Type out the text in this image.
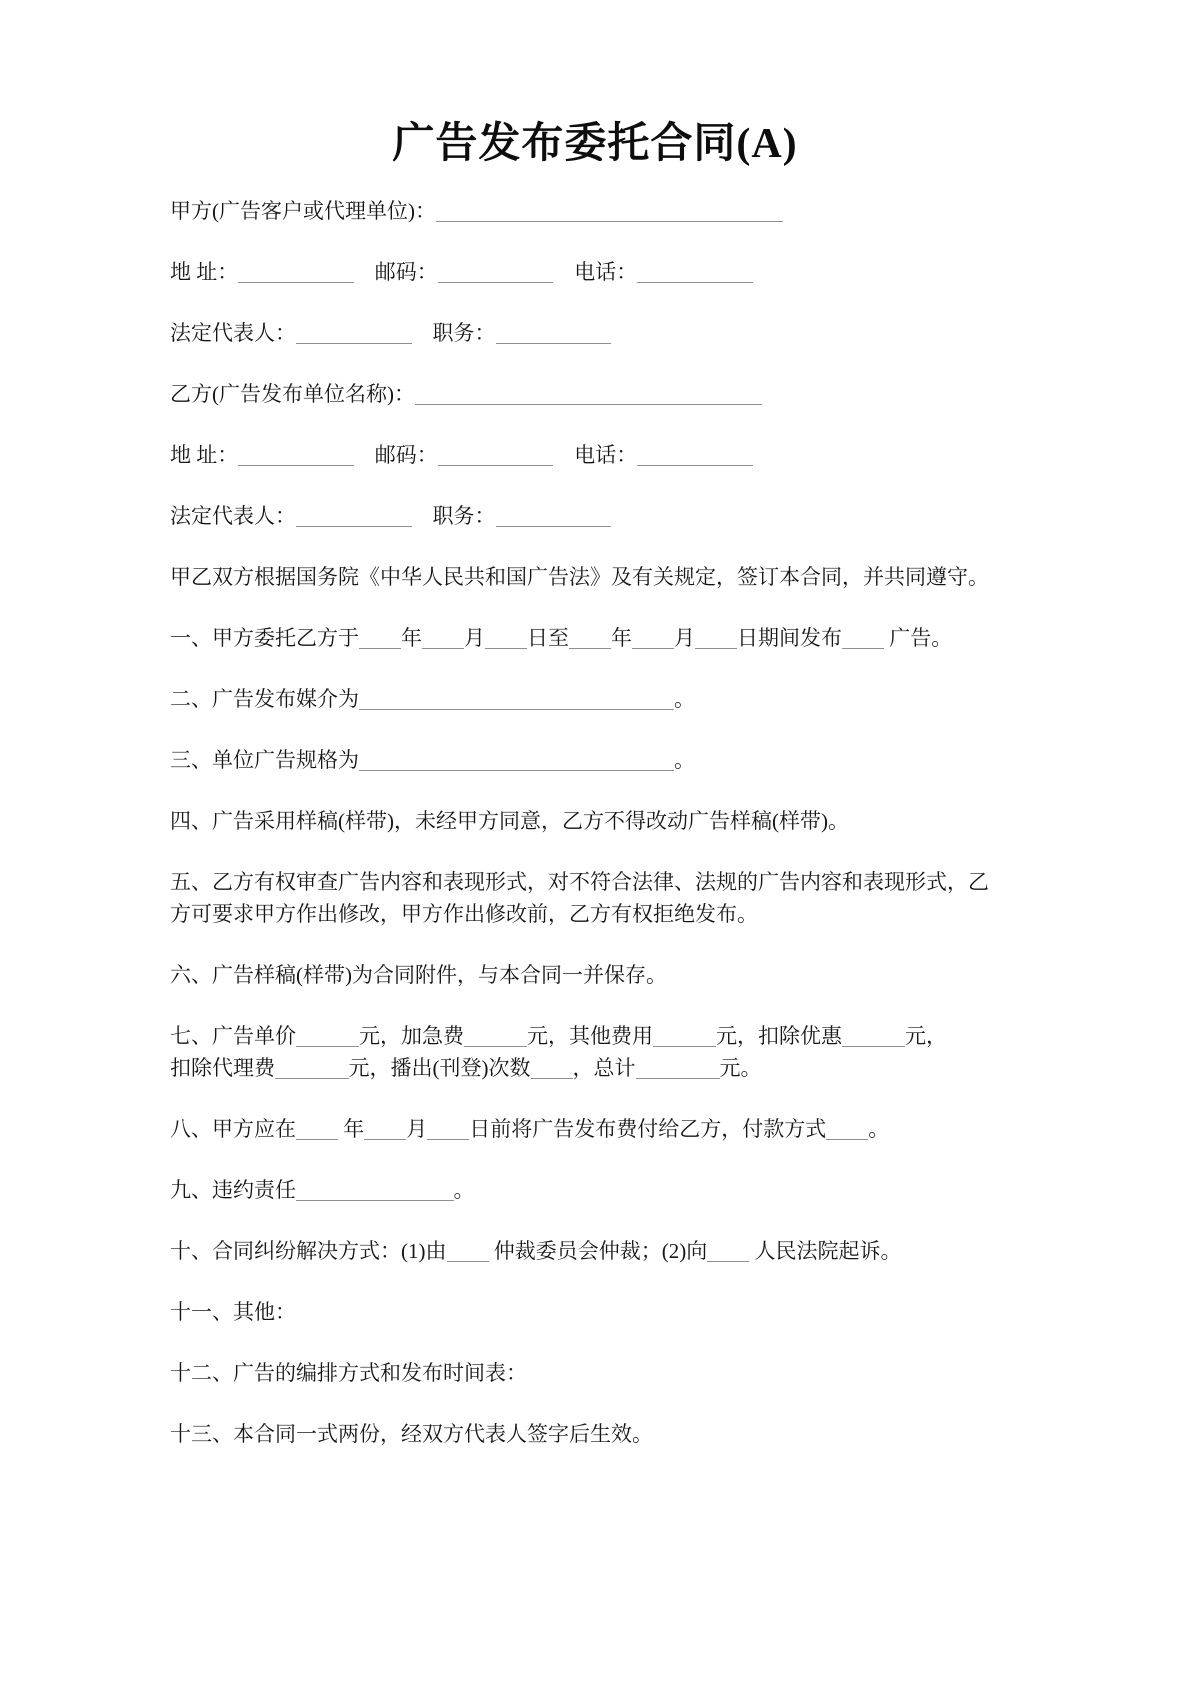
广告发布委托合同(A)

甲方(广告客户或代理单位)：

地 址：	　邮码：	　电话：

法定代表人：	　职务：

乙方(广告发布单位名称)：

地 址：	　邮码：	　电话：

法定代表人：	　职务：

甲乙双方根据国务院《中华人民共和国广告法》及有关规定，签订本合同，并共同遵守。

一、甲方委托乙方于 年 月 日至 年 月 日期间发布 广告。

二、广告发布媒介为	。

三、单位广告规格为	。

四、广告采用样稿(样带)，未经甲方同意，乙方不得改动广告样稿(样带)。

五、乙方有权审查广告内容和表现形式，对不符合法律、法规的广告内容和表现形式，乙
方可要求甲方作出修改，甲方作出修改前，乙方有权拒绝发布。

六、广告样稿(样带)为合同附件，与本合同一并保存。

七、广告单价	元，加急费	元，其他费用	元，扣除优惠	元，
扣除代理费	元，播出(刊登)次数 ，总计	元。

八、甲方应在 年 月 日前将广告发布费付给乙方，付款方式 。

九、违约责任	。

十、合同纠纷解决方式：(1)由 仲裁委员会仲裁；(2)向 人民法院起诉。

十一、其他：

十二、广告的编排方式和发布时间表：

十三、本合同一式两份，经双方代表人签字后生效。
